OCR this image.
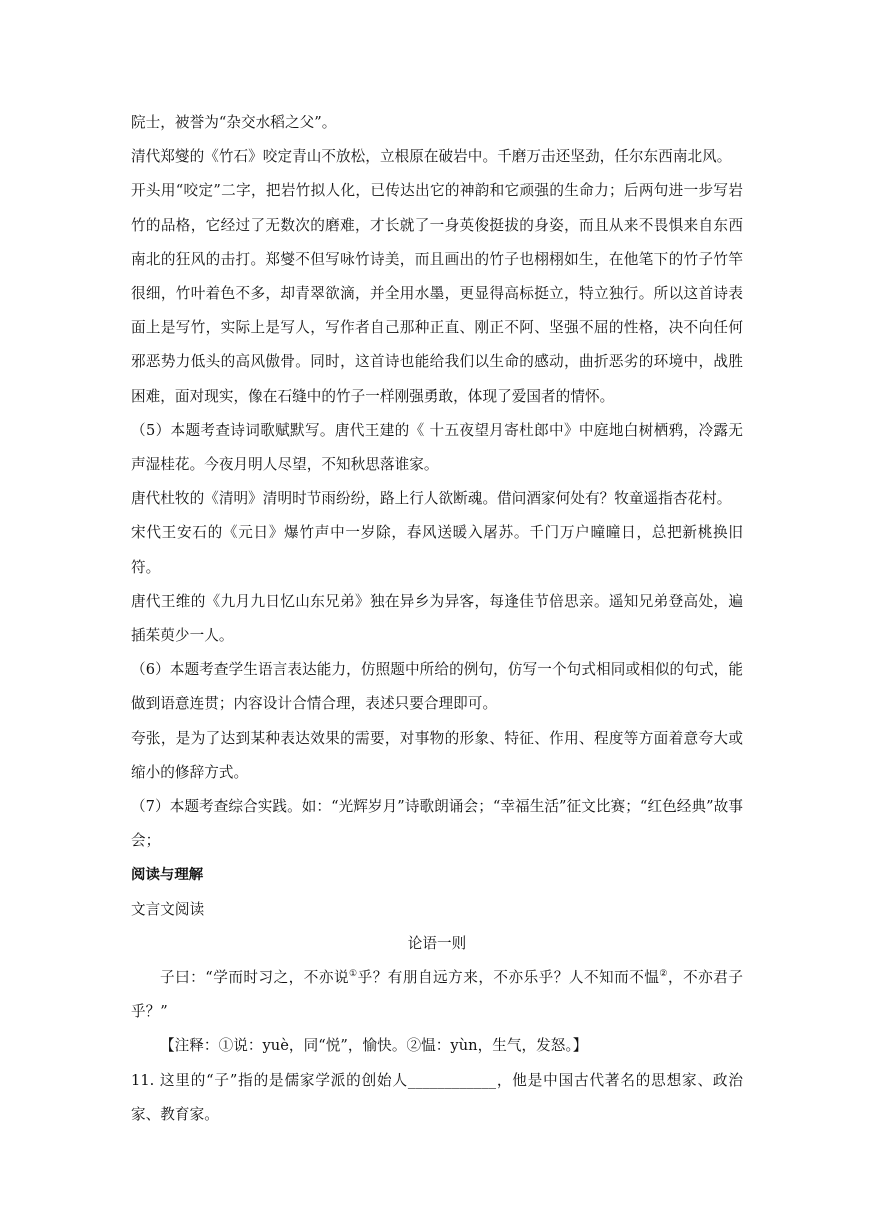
院士，被誉为“杂交水稻之父”。

清代郑燮的《竹石》咬定青山不放松，立根原在破岩中。千磨万击还坚劲，任尔东西南北风。

开头用“咬定”二字，把岩竹拟人化，已传达出它的神韵和它顽强的生命力；后两句进一步写岩竹的品格，它经过了无数次的磨难，才长就了一身英俊挺拔的身姿，而且从来不畏惧来自东西南北的狂风的击打。郑燮不但写咏竹诗美，而且画出的竹子也栩栩如生，在他笔下的竹子竹竿很细，竹叶着色不多，却青翠欲滴，并全用水墨，更显得高标挺立，特立独行。所以这首诗表面上是写竹，实际上是写人，写作者自己那种正直、刚正不阿、坚强不屈的性格，决不向任何邪恶势力低头的高风傲骨。同时，这首诗也能给我们以生命的感动，曲折恶劣的环境中，战胜困难，面对现实，像在石缝中的竹子一样刚强勇敢，体现了爱国者的情怀。

（5）本题考查诗词歌赋默写。唐代王建的《 十五夜望月寄杜郎中》中庭地白树栖鸦，冷露无声湿桂花。今夜月明人尽望，不知秋思落谁家。

唐代杜牧的《清明》清明时节雨纷纷，路上行人欲断魂。借问酒家何处有？牧童遥指杏花村。

宋代王安石的《元日》爆竹声中一岁除，春风送暖入屠苏。千门万户曈曈日，总把新桃换旧符。

唐代王维的《九月九日忆山东兄弟》独在异乡为异客，每逢佳节倍思亲。遥知兄弟登高处，遍插茱萸少一人。

（6）本题考查学生语言表达能力，仿照题中所给的例句，仿写一个句式相同或相似的句式，能做到语意连贯；内容设计合情合理，表述只要合理即可。

夸张，是为了达到某种表达效果的需要，对事物的形象、特征、作用、程度等方面着意夸大或缩小的修辞方式。

（7）本题考查综合实践。如：“光辉岁月”诗歌朗诵会；“幸福生活”征文比赛；“红色经典”故事会；

阅读与理解

文言文阅读

论语一则

子曰：“学而时习之，不亦说①乎？有朋自远方来，不亦乐乎？人不知而不愠②，不亦君子乎？”

【注释：①说：yuè，同“悦”，愉快。②愠：yùn，生气，发怒。】

11. 这里的“子”指的是儒家学派的创始人____________，他是中国古代著名的思想家、政治家、教育家。
